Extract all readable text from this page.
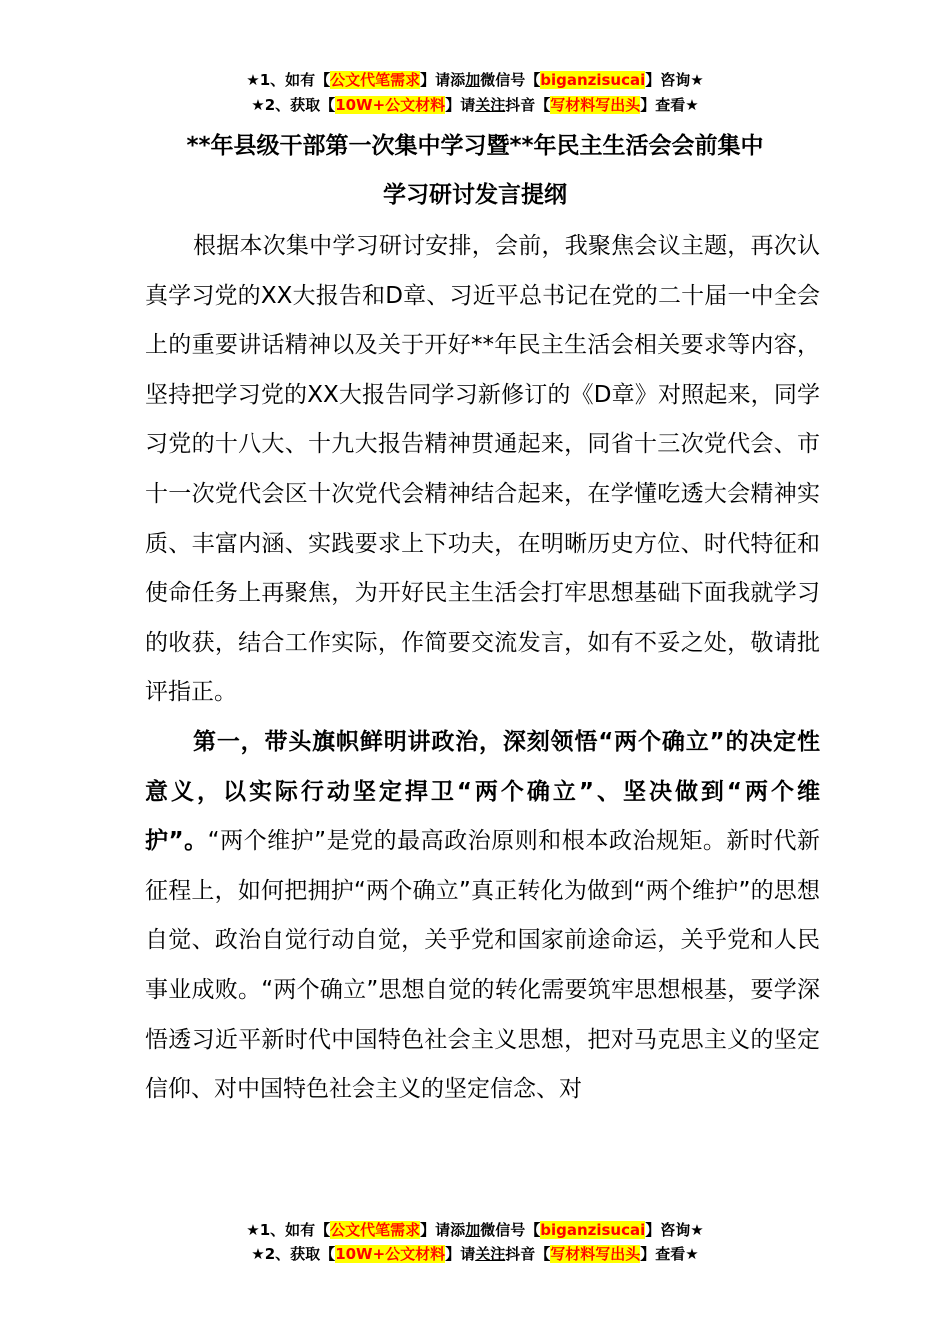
★1、如有【公文代笔需求】请添加微信号【biganzisucai】咨询★
★2、获取【10W+公文材料】请关注抖音【写材料写出头】查看★
**年县级干部第一次集中学习暨**年民主生活会会前集中
学习研讨发言提纲

根据本次集中学习研讨安排，会前，我聚焦会议主题，再次认真学习党的XX大报告和D章、习近平总书记在党的二十届一中全会上的重要讲话精神以及关于开好**年民主生活会相关要求等内容，坚持把学习党的XX大报告同学习新修订的《D章》对照起来，同学习党的十八大、十九大报告精神贯通起来，同省十三次党代会、市十一次党代会区十次党代会精神结合起来，在学懂吃透大会精神实质、丰富内涵、实践要求上下功夫，在明晰历史方位、时代特征和使命任务上再聚焦，为开好民主生活会打牢思想基础下面我就学习的收获，结合工作实际，作简要交流发言，如有不妥之处，敬请批评指正。

第一，带头旗帜鲜明讲政治，深刻领悟“两个确立”的决定性意义，以实际行动坚定捍卫“两个确立”、坚决做到“两个维护”。“两个维护”是党的最高政治原则和根本政治规矩。新时代新征程上，如何把拥护“两个确立”真正转化为做到“两个维护”的思想自觉、政治自觉行动自觉，关乎党和国家前途命运，关乎党和人民事业成败。“两个确立”思想自觉的转化需要筑牢思想根基，要学深悟透习近平新时代中国特色社会主义思想，把对马克思主义的坚定信仰、对中国特色社会主义的坚定信念、对

★1、如有【公文代笔需求】请添加微信号【biganzisucai】咨询★
★2、获取【10W+公文材料】请关注抖音【写材料写出头】查看★
